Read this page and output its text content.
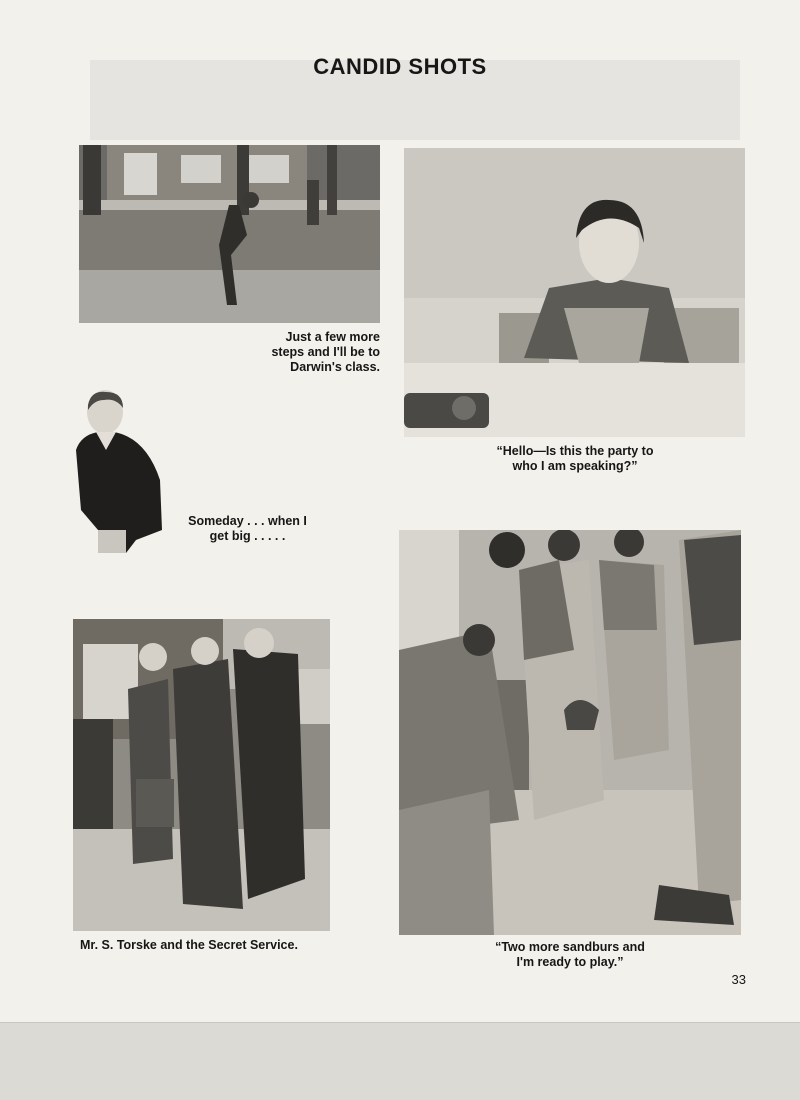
CANDID SHOTS
Just a few more
steps and I'll be to
Darwin's class.
“Hello—Is this the party to
who I am speaking?”
Someday . . . when I
get big . . . . .
Mr. S. Torske and the Secret Service.	“Two more sandburs and
I'm ready to play.”
33
